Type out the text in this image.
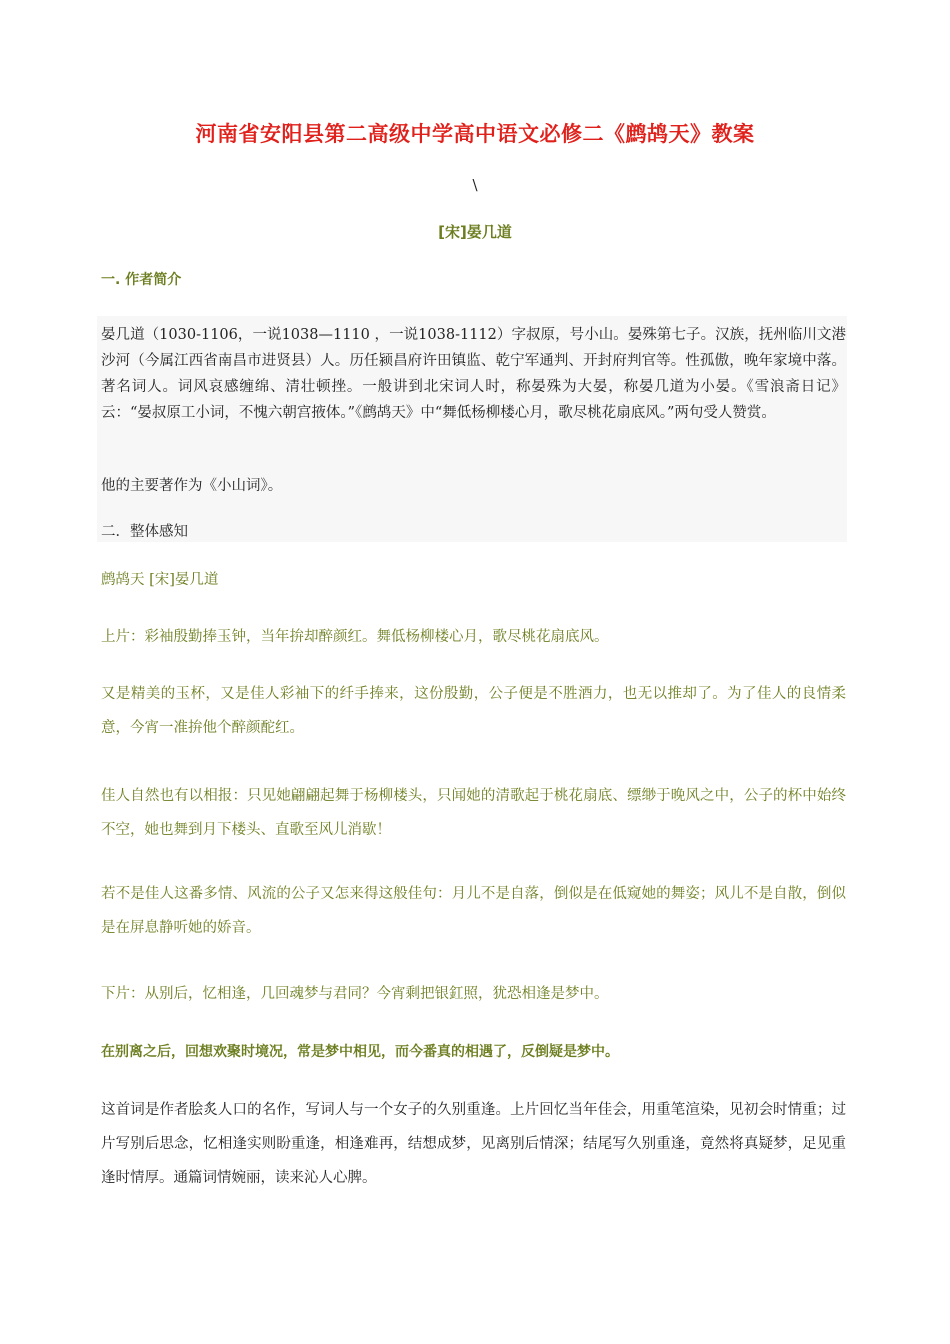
河南省安阳县第二高级中学高中语文必修二《鹧鸪天》教案
\
[宋]晏几道
一. 作者简介
晏几道（1030-1106，一说1038—1110 ，一说1038-1112）字叔原，号小山。晏殊第七子。汉族，抚州临川文港沙河（今属江西省南昌市进贤县）人。历任颍昌府许田镇监、乾宁军通判、开封府判官等。性孤傲，晚年家境中落。著名词人。词风哀感缠绵、清壮顿挫。一般讲到北宋词人时，称晏殊为大晏，称晏几道为小晏。《雪浪斋日记》云：“晏叔原工小词，不愧六朝宫掖体。”《鹧鸪天》中“舞低杨柳楼心月，歌尽桃花扇底风。”两句受人赞赏。
他的主要著作为《小山词》。
二．整体感知
鹧鸪天 [宋]晏几道
上片：彩袖殷勤捧玉钟，当年拚却醉颜红。舞低杨柳楼心月，歌尽桃花扇底风。
又是精美的玉杯，又是佳人彩袖下的纤手捧来，这份殷勤，公子便是不胜酒力，也无以推却了。为了佳人的良情柔意，今宵一准拚他个醉颜酡红。
佳人自然也有以相报：只见她翩翩起舞于杨柳楼头，只闻她的清歌起于桃花扇底、缥缈于晚风之中，公子的杯中始终不空，她也舞到月下楼头、直歌至风儿消歇！
若不是佳人这番多情、风流的公子又怎来得这般佳句：月儿不是自落，倒似是在低窥她的舞姿；风儿不是自散，倒似是在屏息静听她的娇音。
下片：从别后，忆相逢，几回魂梦与君同？今宵剩把银釭照，犹恐相逢是梦中。
在别离之后，回想欢聚时境况，常是梦中相见，而今番真的相遇了，反倒疑是梦中。
这首词是作者脍炙人口的名作，写词人与一个女子的久别重逢。上片回忆当年佳会，用重笔渲染，见初会时情重；过片写别后思念，忆相逢实则盼重逢，相逢难再，结想成梦，见离别后情深；结尾写久别重逢，竟然将真疑梦，足见重逢时情厚。通篇词情婉丽，读来沁人心脾。
